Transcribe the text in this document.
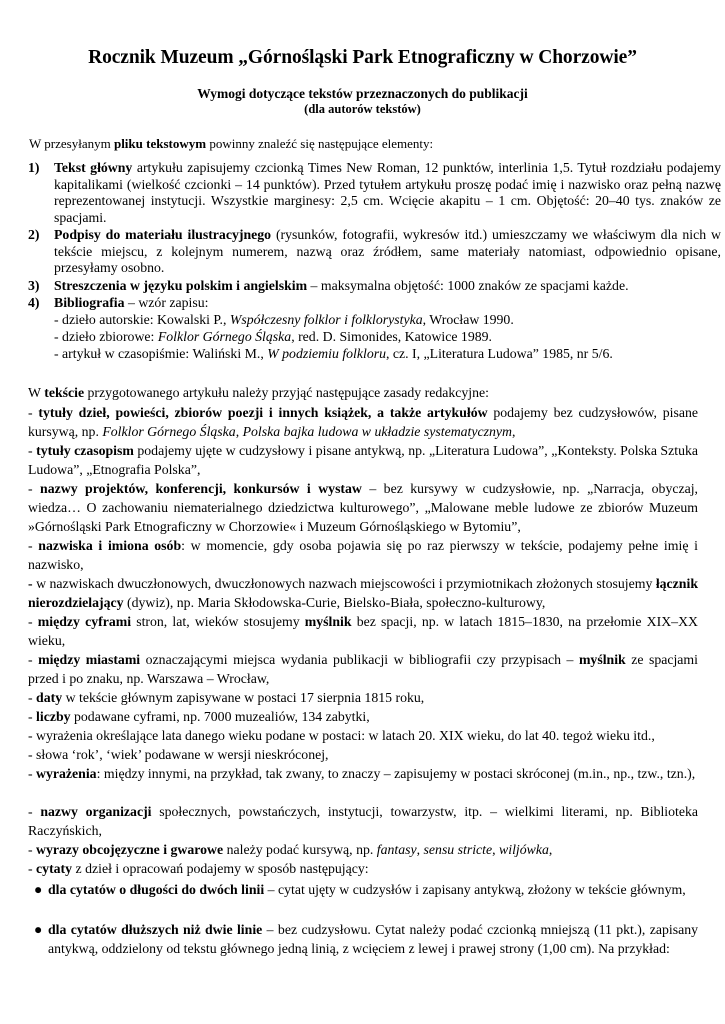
Rocznik Muzeum „Górnośląski Park Etnograficzny w Chorzowie”
Wymogi dotyczące tekstów przeznaczonych do publikacji
(dla autorów tekstów)
W przesyłanym pliku tekstowym powinny znaleźć się następujące elementy:
1) Tekst główny artykułu zapisujemy czcionką Times New Roman, 12 punktów, interlinia 1,5. Tytuł rozdziału podajemy kapitalikami (wielkość czcionki – 14 punktów). Przed tytułem artykułu proszę podać imię i nazwisko oraz pełną nazwę reprezentowanej instytucji. Wszystkie marginesy: 2,5 cm. Wcięcie akapitu – 1 cm. Objętość: 20–40 tys. znaków ze spacjami.
2) Podpisy do materiału ilustracyjnego (rysunków, fotografii, wykresów itd.) umieszczamy we właściwym dla nich w tekście miejscu, z kolejnym numerem, nazwą oraz źródłem, same materiały natomiast, odpowiednio opisane, przesyłamy osobno.
3) Streszczenia w języku polskim i angielskim – maksymalna objętość: 1000 znaków ze spacjami każde.
4) Bibliografia – wzór zapisu:
- dzieło autorskie: Kowalski P., Współczesny folklor i folklorystyka, Wrocław 1990.
- dzieło zbiorowe: Folklor Górnego Śląska, red. D. Simonides, Katowice 1989.
- artykuł w czasopiśmie: Waliński M., W podziemiu folkloru, cz. I, „Literatura Ludowa” 1985, nr 5/6.
W tekście przygotowanego artykułu należy przyjąć następujące zasady redakcyjne:
- tytuły dzieł, powieści, zbiorów poezji i innych książek, a także artykułów podajemy bez cudzysłowów, pisane kursywą, np. Folklor Górnego Śląska, Polska bajka ludowa w układzie systematycznym,
- tytuły czasopism podajemy ujęte w cudzysłowy i pisane antykwą, np. „Literatura Ludowa”, „Konteksty. Polska Sztuka Ludowa”, „Etnografia Polska”,
- nazwy projektów, konferencji, konkursów i wystaw – bez kursywy w cudzysłowie, np. „Narracja, obyczaj, wiedza… O zachowaniu niematerialnego dziedzictwa kulturowego”, „Malowane meble ludowe ze zbiorów Muzeum »Górnośląski Park Etnograficzny w Chorzowie« i Muzeum Górnośląskiego w Bytomiu”,
- nazwiska i imiona osób: w momencie, gdy osoba pojawia się po raz pierwszy w tekście, podajemy pełne imię i nazwisko,
- w nazwiskach dwuczłonowych, dwuczłonowych nazwach miejscowości i przymiotnikach złożonych stosujemy łącznik nierozdzielający (dywiz), np. Maria Skłodowska-Curie, Bielsko-Biała, społeczno-kulturowy,
- między cyframi stron, lat, wieków stosujemy myślnik bez spacji, np. w latach 1815–1830, na przełomie XIX–XX wieku,
- między miastami oznaczającymi miejsca wydania publikacji w bibliografii czy przypisach – myślnik ze spacjami przed i po znaku, np. Warszawa – Wrocław,
- daty w tekście głównym zapisywane w postaci 17 sierpnia 1815 roku,
- liczby podawane cyframi, np. 7000 muzealiów, 134 zabytki,
- wyrażenia określające lata danego wieku podane w postaci: w latach 20. XIX wieku, do lat 40. tegoż wieku itd.,
- słowa ‘rok’, ‘wiek’ podawane w wersji nieskróconej,
- wyrażenia: między innymi, na przykład, tak zwany, to znaczy – zapisujemy w postaci skróconej (m.in., np., tzw., tzn.),
- nazwy organizacji społecznych, powstańczych, instytucji, towarzystw, itp. – wielkimi literami, np. Biblioteka Raczyńskich,
- wyrazy obcojęzyczne i gwarowe należy podać kursywą, np. fantasy, sensu stricte, wiljówka,
- cytaty z dzieł i opracowań podajemy w sposób następujący:
● dla cytatów o długości do dwóch linii – cytat ujęty w cudzysłów i zapisany antykwą, złożony w tekście głównym,
● dla cytatów dłuższych niż dwie linie – bez cudzysłowu. Cytat należy podać czcionką mniejszą (11 pkt.), zapisany antykwą, oddzielony od tekstu głównego jedną linią, z wcięciem z lewej i prawej strony (1,00 cm). Na przykład:
